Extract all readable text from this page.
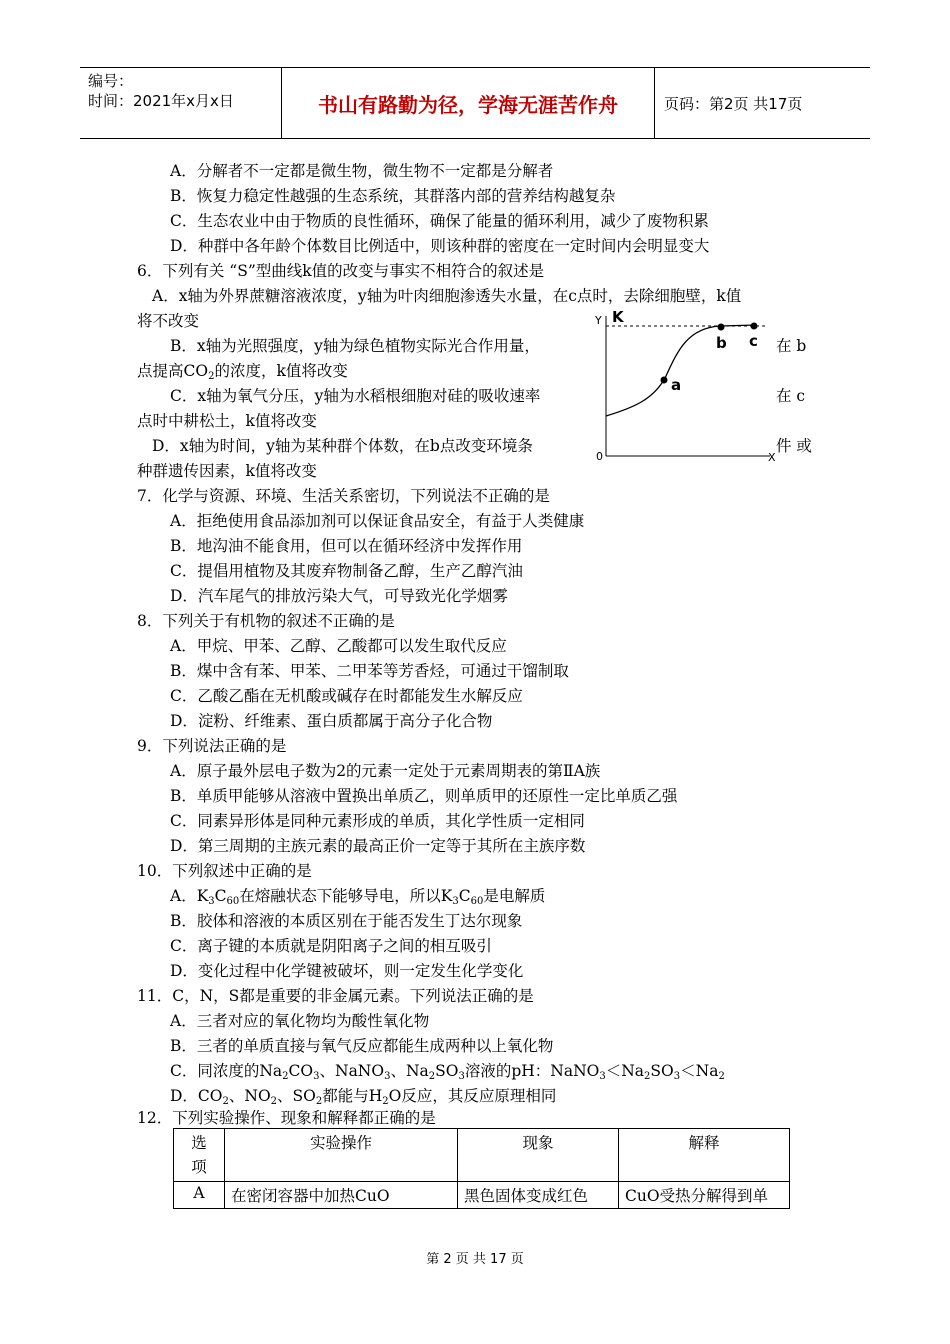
编号：
时间：2021年x月x日	书山有路勤为径，学海无涯苦作舟	页码：第2页 共17页
A．分解者不一定都是微生物，微生物不一定都是分解者
B．恢复力稳定性越强的生态系统，其群落内部的营养结构越复杂
C．生态农业中由于物质的良性循环，确保了能量的循环利用，减少了废物积累
D．种群中各年龄个体数目比例适中，则该种群的密度在一定时间内会明显变大
6．下列有关 “S”型曲线k值的改变与事实不相符合的叙述是
A．x轴为外界蔗糖溶液浓度，y轴为叶肉细胞渗透失水量，在c点时，去除细胞壁，k值
将不改变
B．x轴为光照强度，y轴为绿色植物实际光合作用量，	在 b
点提高$CO_2$的浓度，k值将改变
C．x轴为氧气分压，y轴为水稻根细胞对硅的吸收速率	在 c
点时中耕松土，k值将改变
D．x轴为时间，y轴为某种群个体数，在b点改变环境条	件 或
种群遗传因素，k值将改变
Y K
X
0
a
b c
7．化学与资源、环境、生活关系密切，下列说法不正确的是
A．拒绝使用食品添加剂可以保证食品安全，有益于人类健康
B．地沟油不能食用，但可以在循环经济中发挥作用
C．提倡用植物及其废弃物制备乙醇，生产乙醇汽油
D．汽车尾气的排放污染大气，可导致光化学烟雾
8．下列关于有机物的叙述不正确的是
A．甲烷、甲苯、乙醇、乙酸都可以发生取代反应
B．煤中含有苯、甲苯、二甲苯等芳香烃，可通过干馏制取
C．乙酸乙酯在无机酸或碱存在时都能发生水解反应
D．淀粉、纤维素、蛋白质都属于高分子化合物
9．下列说法正确的是
A．原子最外层电子数为2的元素一定处于元素周期表的第ⅡA族
B．单质甲能够从溶液中置换出单质乙，则单质甲的还原性一定比单质乙强
C．同素异形体是同种元素形成的单质，其化学性质一定相同
D．第三周期的主族元素的最高正价一定等于其所在主族序数
10．下列叙述中正确的是
A．$K_3C_{60}$在熔融状态下能够导电，所以$K_3C_{60}$是电解质
B．胶体和溶液的本质区别在于能否发生丁达尔现象
C．离子键的本质就是阴阳离子之间的相互吸引
D．变化过程中化学键被破坏，则一定发生化学变化
11．C，N，S都是重要的非金属元素。下列说法正确的是
A．三者对应的氧化物均为酸性氧化物
B．三者的单质直接与氧气反应都能生成两种以上氧化物
C．同浓度的$Na_2CO_3$、NaNO$_3$、$Na_2SO_3$溶液的pH：$NaNO_3<Na_2SO_3<Na_2$
D．$CO_2$、$NO_2$、$SO_2$都能与$H_2O$反应，其反应原理相同
12．下列实验操作、现象和解释都正确的是
选
项	实验操作	现象	解释
A	在密闭容器中加热CuO	黑色固体变成红色	CuO受热分解得到单
第 2 页 共 17 页
